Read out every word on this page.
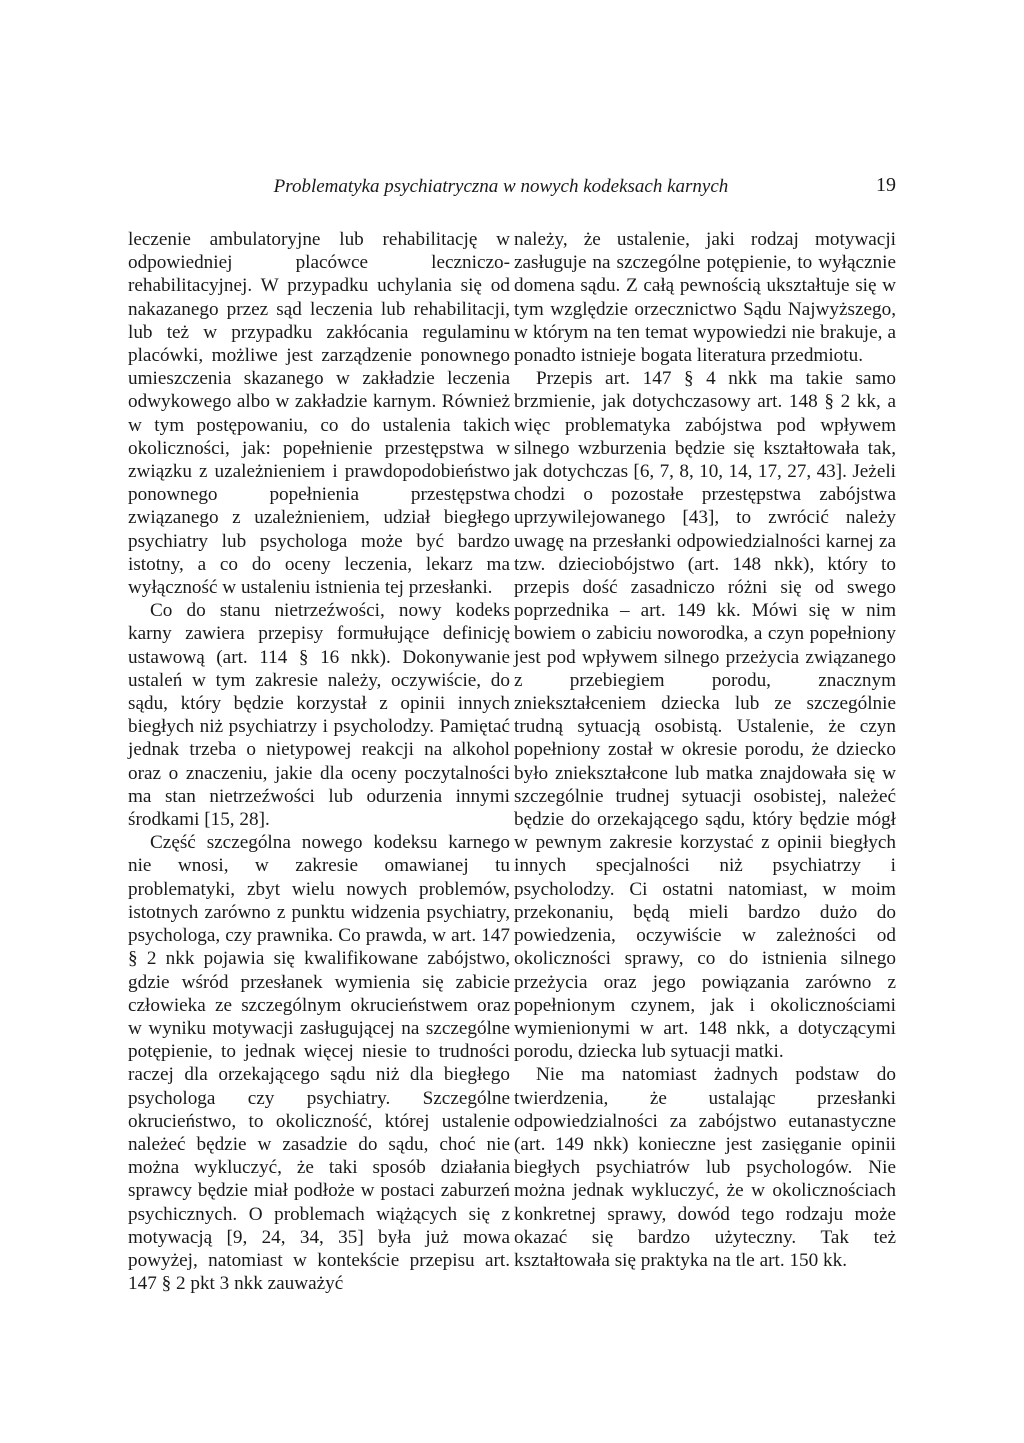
Problematyka psychiatryczna w nowych kodeksach karnych	19

leczenie ambulatoryjne lub rehabilitację w odpowiedniej placówce leczniczo-rehabilitacyjnej. W przypadku uchylania się od nakazanego przez sąd leczenia lub rehabilitacji, lub też w przypadku zakłócania regulaminu placówki, możliwe jest zarządzenie ponownego umieszczenia skazanego w zakładzie leczenia odwykowego albo w zakładzie karnym. Również w tym postępowaniu, co do ustalenia takich okoliczności, jak: popełnienie przestępstwa w związku z uzależnieniem i prawdopodobieństwo ponownego popełnienia przestępstwa związanego z uzależnieniem, udział biegłego psychiatry lub psychologa może być bardzo istotny, a co do oceny leczenia, lekarz ma wyłączność w ustaleniu istnienia tej przesłanki.

Co do stanu nietrzeźwości, nowy kodeks karny zawiera przepisy formułujące definicję ustawową (art. 114 § 16 nkk). Dokonywanie ustaleń w tym zakresie należy, oczywiście, do sądu, który będzie korzystał z opinii innych biegłych niż psychiatrzy i psycholodzy. Pamiętać jednak trzeba o nietypowej reakcji na alkohol oraz o znaczeniu, jakie dla oceny poczytalności ma stan nietrzeźwości lub odurzenia innymi środkami [15, 28].

Część szczególna nowego kodeksu karnego nie wnosi, w zakresie omawianej tu problematyki, zbyt wielu nowych problemów, istotnych zarówno z punktu widzenia psychiatry, psychologa, czy prawnika. Co prawda, w art. 147 § 2 nkk pojawia się kwalifikowane zabójstwo, gdzie wśród przesłanek wymienia się zabicie człowieka ze szczególnym okrucieństwem oraz w wyniku motywacji zasługującej na szczególne potępienie, to jednak więcej niesie to trudności raczej dla orzekającego sądu niż dla biegłego psychologa czy psychiatry. Szczególne okrucieństwo, to okoliczność, której ustalenie należeć będzie w zasadzie do sądu, choć nie można wykluczyć, że taki sposób działania sprawcy będzie miał podłoże w postaci zaburzeń psychicznych. O problemach wiążących się z motywacją [9, 24, 34, 35] była już mowa powyżej, natomiast w kontekście przepisu art. 147 § 2 pkt 3 nkk zauważyć

należy, że ustalenie, jaki rodzaj motywacji zasługuje na szczególne potępienie, to wyłącznie domena sądu. Z całą pewnością ukształtuje się w tym względzie orzecznictwo Sądu Najwyższego, w którym na ten temat wypowiedzi nie brakuje, a ponadto istnieje bogata literatura przedmiotu.

Przepis art. 147 § 4 nkk ma takie samo brzmienie, jak dotychczasowy art. 148 § 2 kk, a więc problematyka zabójstwa pod wpływem silnego wzburzenia będzie się kształtowała tak, jak dotychczas [6, 7, 8, 10, 14, 17, 27, 43]. Jeżeli chodzi o pozostałe przestępstwa zabójstwa uprzywilejowanego [43], to zwrócić należy uwagę na przesłanki odpowiedzialności karnej za tzw. dzieciobójstwo (art. 148 nkk), który to przepis dość zasadniczo różni się od swego poprzednika – art. 149 kk. Mówi się w nim bowiem o zabiciu noworodka, a czyn popełniony jest pod wpływem silnego przeżycia związanego z przebiegiem porodu, znacznym zniekształceniem dziecka lub ze szczególnie trudną sytuacją osobistą. Ustalenie, że czyn popełniony został w okresie porodu, że dziecko było zniekształcone lub matka znajdowała się w szczególnie trudnej sytuacji osobistej, należeć będzie do orzekającego sądu, który będzie mógł w pewnym zakresie korzystać z opinii biegłych innych specjalności niż psychiatrzy i psycholodzy. Ci ostatni natomiast, w moim przekonaniu, będą mieli bardzo dużo do powiedzenia, oczywiście w zależności od okoliczności sprawy, co do istnienia silnego przeżycia oraz jego powiązania zarówno z popełnionym czynem, jak i okolicznościami wymienionymi w art. 148 nkk, a dotyczącymi porodu, dziecka lub sytuacji matki.

Nie ma natomiast żadnych podstaw do twierdzenia, że ustalając przesłanki odpowiedzialności za zabójstwo eutanastyczne (art. 149 nkk) konieczne jest zasięganie opinii biegłych psychiatrów lub psychologów. Nie można jednak wykluczyć, że w okolicznościach konkretnej sprawy, dowód tego rodzaju może okazać się bardzo użyteczny. Tak też kształtowała się praktyka na tle art. 150 kk.
